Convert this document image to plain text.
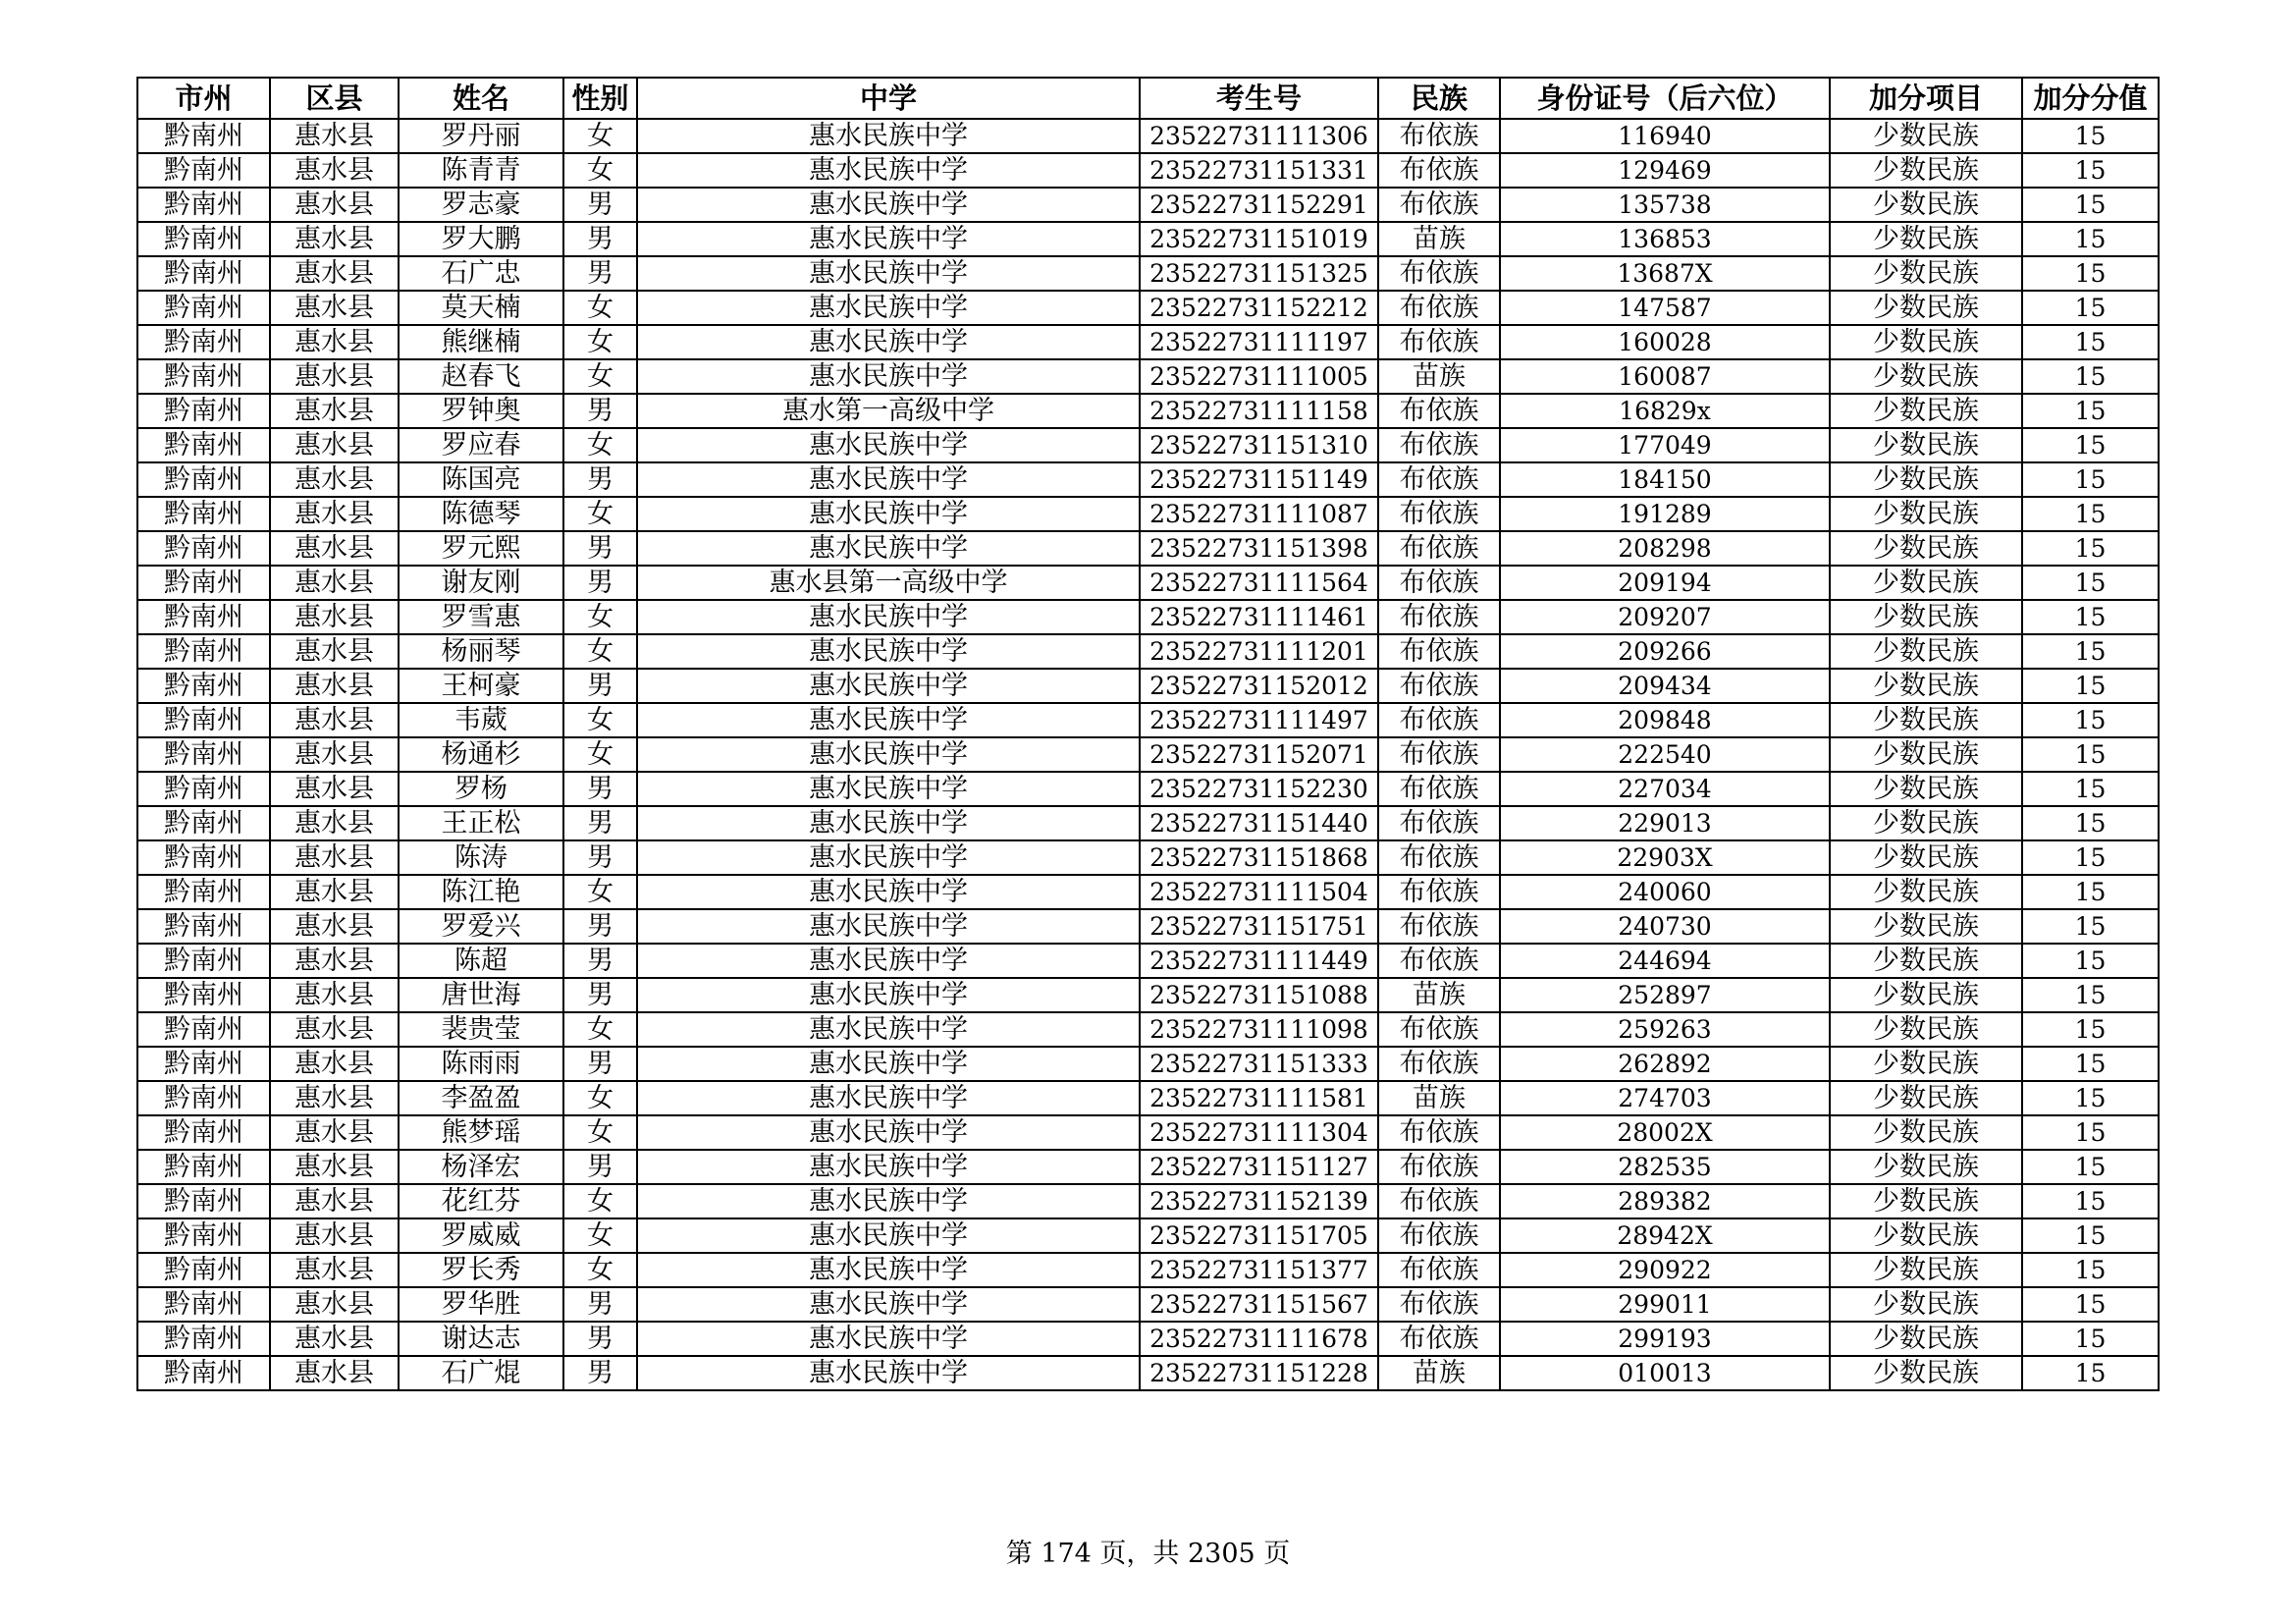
市州	区县	姓名	性别	中学	考生号	民族	身份证号（后六位）	加分项目	加分分值
黔南州	惠水县	罗丹丽	女	惠水民族中学	23522731111306	布依族	116940	少数民族	15
黔南州	惠水县	陈青青	女	惠水民族中学	23522731151331	布依族	129469	少数民族	15
黔南州	惠水县	罗志豪	男	惠水民族中学	23522731152291	布依族	135738	少数民族	15
黔南州	惠水县	罗大鹏	男	惠水民族中学	23522731151019	苗族	136853	少数民族	15
黔南州	惠水县	石广忠	男	惠水民族中学	23522731151325	布依族	13687X	少数民族	15
黔南州	惠水县	莫天楠	女	惠水民族中学	23522731152212	布依族	147587	少数民族	15
黔南州	惠水县	熊继楠	女	惠水民族中学	23522731111197	布依族	160028	少数民族	15
黔南州	惠水县	赵春飞	女	惠水民族中学	23522731111005	苗族	160087	少数民族	15
黔南州	惠水县	罗钟奥	男	惠水第一高级中学	23522731111158	布依族	16829x	少数民族	15
黔南州	惠水县	罗应春	女	惠水民族中学	23522731151310	布依族	177049	少数民族	15
黔南州	惠水县	陈国亮	男	惠水民族中学	23522731151149	布依族	184150	少数民族	15
黔南州	惠水县	陈德琴	女	惠水民族中学	23522731111087	布依族	191289	少数民族	15
黔南州	惠水县	罗元熙	男	惠水民族中学	23522731151398	布依族	208298	少数民族	15
黔南州	惠水县	谢友刚	男	惠水县第一高级中学	23522731111564	布依族	209194	少数民族	15
黔南州	惠水县	罗雪惠	女	惠水民族中学	23522731111461	布依族	209207	少数民族	15
黔南州	惠水县	杨丽琴	女	惠水民族中学	23522731111201	布依族	209266	少数民族	15
黔南州	惠水县	王柯豪	男	惠水民族中学	23522731152012	布依族	209434	少数民族	15
黔南州	惠水县	韦葳	女	惠水民族中学	23522731111497	布依族	209848	少数民族	15
黔南州	惠水县	杨通杉	女	惠水民族中学	23522731152071	布依族	222540	少数民族	15
黔南州	惠水县	罗杨	男	惠水民族中学	23522731152230	布依族	227034	少数民族	15
黔南州	惠水县	王正松	男	惠水民族中学	23522731151440	布依族	229013	少数民族	15
黔南州	惠水县	陈涛	男	惠水民族中学	23522731151868	布依族	22903X	少数民族	15
黔南州	惠水县	陈江艳	女	惠水民族中学	23522731111504	布依族	240060	少数民族	15
黔南州	惠水县	罗爱兴	男	惠水民族中学	23522731151751	布依族	240730	少数民族	15
黔南州	惠水县	陈超	男	惠水民族中学	23522731111449	布依族	244694	少数民族	15
黔南州	惠水县	唐世海	男	惠水民族中学	23522731151088	苗族	252897	少数民族	15
黔南州	惠水县	裴贵莹	女	惠水民族中学	23522731111098	布依族	259263	少数民族	15
黔南州	惠水县	陈雨雨	男	惠水民族中学	23522731151333	布依族	262892	少数民族	15
黔南州	惠水县	李盈盈	女	惠水民族中学	23522731111581	苗族	274703	少数民族	15
黔南州	惠水县	熊梦瑶	女	惠水民族中学	23522731111304	布依族	28002X	少数民族	15
黔南州	惠水县	杨泽宏	男	惠水民族中学	23522731151127	布依族	282535	少数民族	15
黔南州	惠水县	花红芬	女	惠水民族中学	23522731152139	布依族	289382	少数民族	15
黔南州	惠水县	罗威威	女	惠水民族中学	23522731151705	布依族	28942X	少数民族	15
黔南州	惠水县	罗长秀	女	惠水民族中学	23522731151377	布依族	290922	少数民族	15
黔南州	惠水县	罗华胜	男	惠水民族中学	23522731151567	布依族	299011	少数民族	15
黔南州	惠水县	谢达志	男	惠水民族中学	23522731111678	布依族	299193	少数民族	15
黔南州	惠水县	石广焜	男	惠水民族中学	23522731151228	苗族	010013	少数民族	15
第 174 页，共 2305 页
